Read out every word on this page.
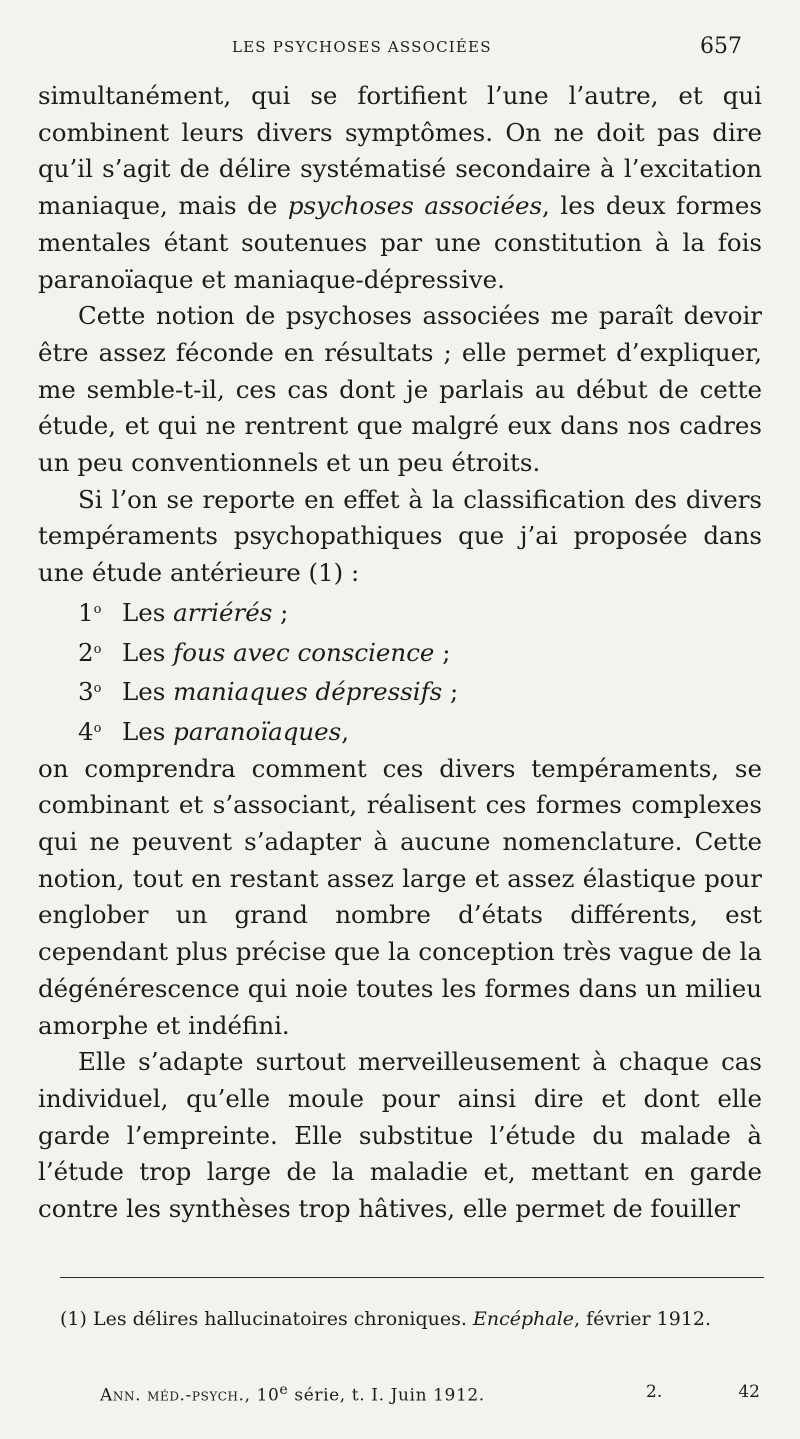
LES PSYCHOSES ASSOCIÉES	657

simultanément, qui se fortifient l’une l’autre, et qui combinent leurs divers symptômes. On ne doit pas dire qu’il s’agit de délire systématisé secondaire à l’excitation maniaque, mais de psychoses associées, les deux formes mentales étant soutenues par une constitution à la fois paranoïaque et maniaque-dépressive.

Cette notion de psychoses associées me paraît devoir être assez féconde en résultats ; elle permet d’expliquer, me semble-t-il, ces cas dont je parlais au début de cette étude, et qui ne rentrent que malgré eux dans nos cadres un peu conventionnels et un peu étroits.

Si l’on se reporte en effet à la classification des divers tempéraments psychopathiques que j’ai proposée dans une étude antérieure (1) :

1$^o$ Les arriérés ;
2$^o$ Les fous avec conscience ;
3$^o$ Les maniaques dépressifs ;
4$^o$ Les paranoïaques,

on comprendra comment ces divers tempéraments, se combinant et s’associant, réalisent ces formes complexes qui ne peuvent s’adapter à aucune nomenclature. Cette notion, tout en restant assez large et assez élastique pour englober un grand nombre d’états différents, est cependant plus précise que la conception très vague de la dégénérescence qui noie toutes les formes dans un milieu amorphe et indéfini.

Elle s’adapte surtout merveilleusement à chaque cas individuel, qu’elle moule pour ainsi dire et dont elle garde l’empreinte. Elle substitue l’étude du malade à l’étude trop large de la maladie et, mettant en garde contre les synthèses trop hâtives, elle permet de fouiller

(1) Les délires hallucinatoires chroniques. Encéphale, février 1912.
Ann. méd.-psych., 10e série, t. I. Juin 1912.	2.	42
